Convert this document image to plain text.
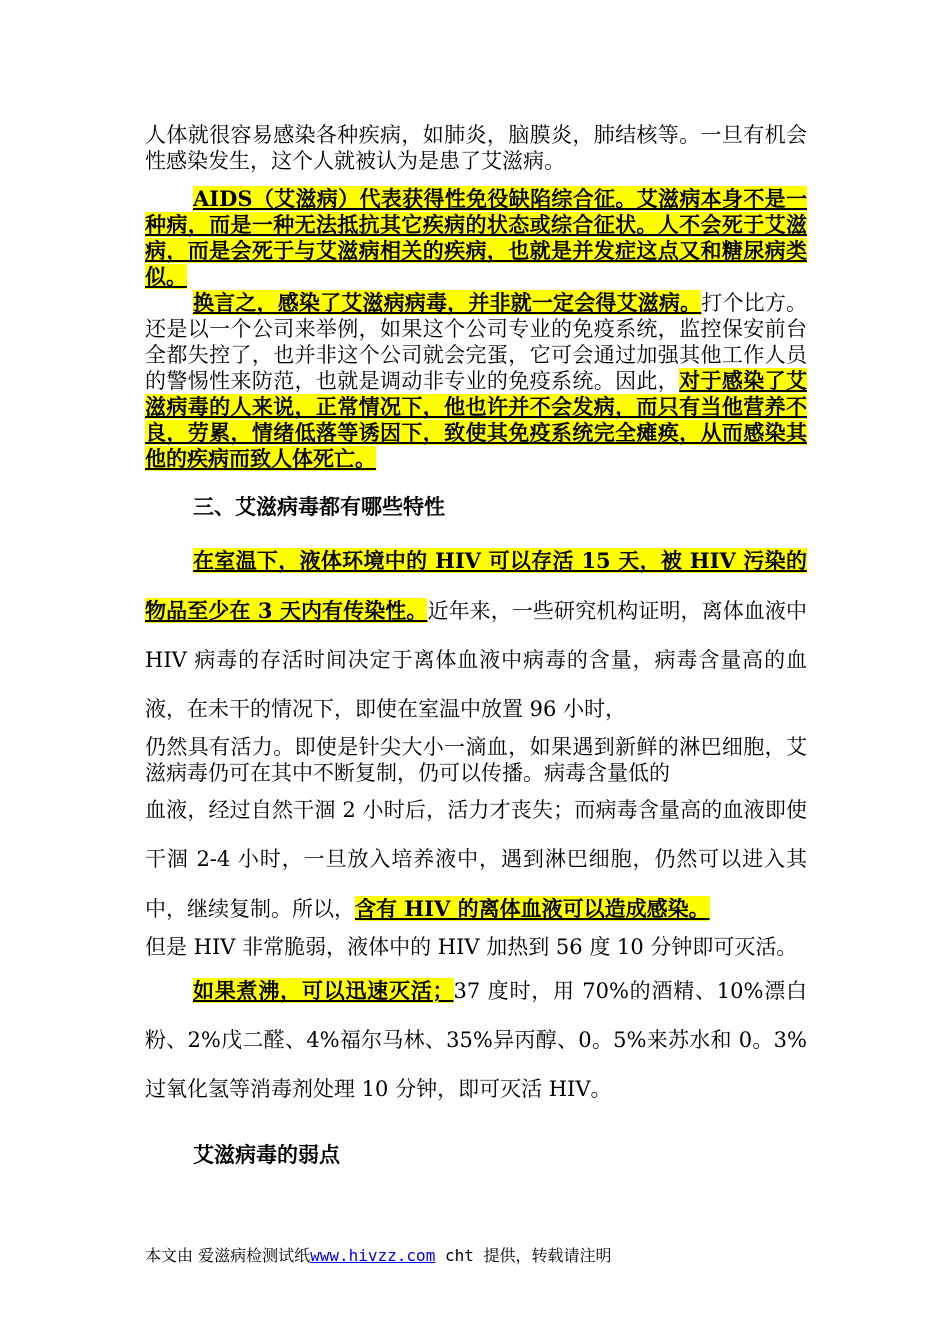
人体就很容易感染各种疾病，如肺炎，脑膜炎，肺结核等。一旦有机会性感染发生，这个人就被认为是患了艾滋病。

AIDS（艾滋病）代表获得性免役缺陷综合征。艾滋病本身不是一种病，而是一种无法抵抗其它疾病的状态或综合征状。人不会死于艾滋病，而是会死于与艾滋病相关的疾病，也就是并发症这点又和糖尿病类似。

换言之，感染了艾滋病病毒，并非就一定会得艾滋病。打个比方。还是以一个公司来举例，如果这个公司专业的免疫系统，监控保安前台全都失控了，也并非这个公司就会完蛋，它可会通过加强其他工作人员的警惕性来防范，也就是调动非专业的免疫系统。因此，对于感染了艾滋病毒的人来说，正常情况下，他也许并不会发病，而只有当他营养不良，劳累，情绪低落等诱因下，致使其免疫系统完全瘫痪，从而感染其他的疾病而致人体死亡。

三、艾滋病毒都有哪些特性

在室温下，液体环境中的 HIV 可以存活 15 天，被 HIV 污染的物品至少在 3 天内有传染性。近年来，一些研究机构证明，离体血液中 HIV 病毒的存活时间决定于离体血液中病毒的含量，病毒含量高的血液，在未干的情况下，即使在室温中放置 96 小时，

仍然具有活力。即使是针尖大小一滴血，如果遇到新鲜的淋巴细胞，艾滋病毒仍可在其中不断复制，仍可以传播。病毒含量低的

血液，经过自然干涸 2 小时后，活力才丧失；而病毒含量高的血液即使干涸 2-4 小时，一旦放入培养液中，遇到淋巴细胞，仍然可以进入其中，继续复制。所以，含有 HIV 的离体血液可以造成感染。

但是 HIV 非常脆弱，液体中的 HIV 加热到 56 度 10 分钟即可灭活。

如果煮沸，可以迅速灭活；37 度时，用 70%的酒精、10%漂白粉、2%戊二醛、4%福尔马林、35%异丙醇、0。5%来苏水和 0。3%过氧化氢等消毒剂处理 10 分钟，即可灭活 HIV。

艾滋病毒的弱点

本文由 爱滋病检测试纸www.hivzz.com cht 提供，转载请注明
